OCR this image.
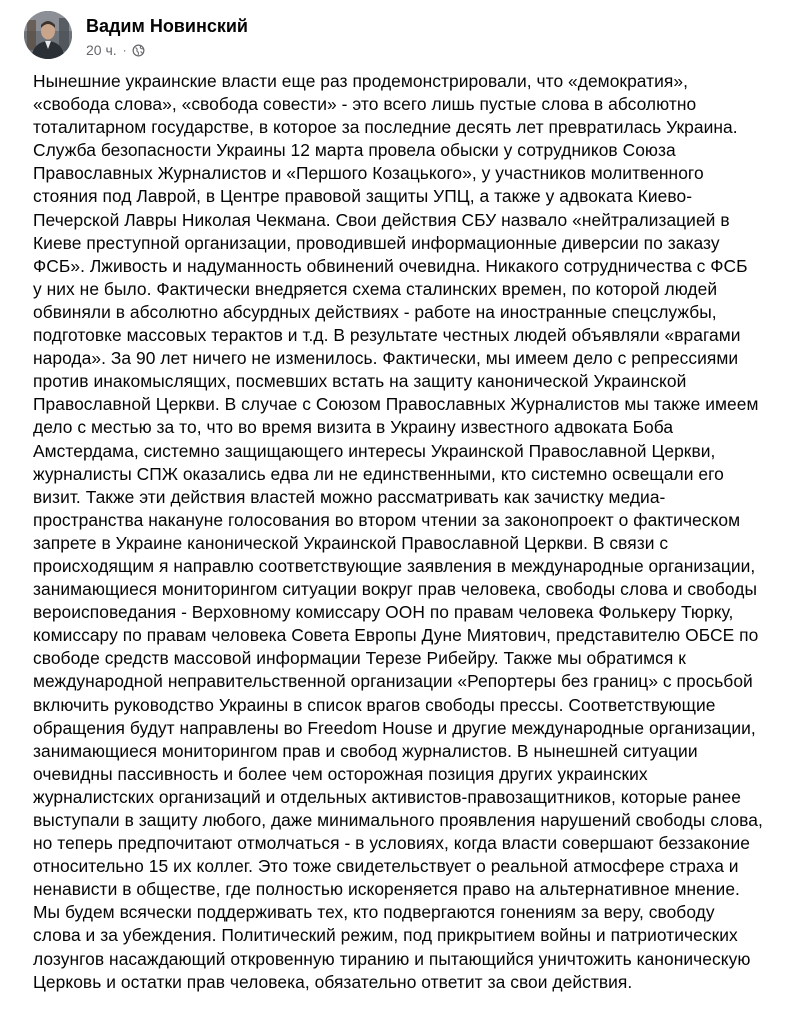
Вадим Новинский
20 ч. ·

Нынешние украинские власти еще раз продемонстрировали, что «демократия»,
«свобода слова», «свобода совести» - это всего лишь пустые слова в абсолютно
тоталитарном государстве, в которое за последние десять лет превратилась Украина.
Служба безопасности Украины 12 марта провела обыски у сотрудников Союза
Православных Журналистов и «Першого Козацького», у участников молитвенного
стояния под Лаврой, в Центре правовой защиты УПЦ, а также у адвоката Киево-
Печерской Лавры Николая Чекмана. Свои действия СБУ назвало «нейтрализацией в
Киеве преступной организации, проводившей информационные диверсии по заказу
ФСБ». Лживость и надуманность обвинений очевидна. Никакого сотрудничества с ФСБ
у них не было. Фактически внедряется схема сталинских времен, по которой людей
обвиняли в абсолютно абсурдных действиях - работе на иностранные спецслужбы,
подготовке массовых терактов и т.д. В результате честных людей объявляли «врагами
народа». За 90 лет ничего не изменилось. Фактически, мы имеем дело с репрессиями
против инакомыслящих, посмевших встать на защиту канонической Украинской
Православной Церкви. В случае с Союзом Православных Журналистов мы также имеем
дело с местью за то, что во время визита в Украину известного адвоката Боба
Амстердама, системно защищающего интересы Украинской Православной Церкви,
журналисты СПЖ оказались едва ли не единственными, кто системно освещали его
визит. Также эти действия властей можно рассматривать как зачистку медиа-
пространства накануне голосования во втором чтении за законопроект о фактическом
запрете в Украине канонической Украинской Православной Церкви. В связи с
происходящим я направлю соответствующие заявления в международные организации,
занимающиеся мониторингом ситуации вокруг прав человека, свободы слова и свободы
вероисповедания - Верховному комиссару ООН по правам человека Фолькеру Тюрку,
комиссару по правам человека Совета Европы Дуне Миятович, представителю ОБСЕ по
свободе средств массовой информации Терезе Рибейру. Также мы обратимся к
международной неправительственной организации «Репортеры без границ» с просьбой
включить руководство Украины в список врагов свободы прессы. Соответствующие
обращения будут направлены во Freedom House и другие международные организации,
занимающиеся мониторингом прав и свобод журналистов. В нынешней ситуации
очевидны пассивность и более чем осторожная позиция других украинских
журналистских организаций и отдельных активистов-правозащитников, которые ранее
выступали в защиту любого, даже минимального проявления нарушений свободы слова,
но теперь предпочитают отмолчаться - в условиях, когда власти совершают беззаконие
относительно 15 их коллег. Это тоже свидетельствует о реальной атмосфере страха и
ненависти в обществе, где полностью искореняется право на альтернативное мнение.
Мы будем всячески поддерживать тех, кто подвергаются гонениям за веру, свободу
слова и за убеждения. Политический режим, под прикрытием войны и патриотических
лозунгов насаждающий откровенную тиранию и пытающийся уничтожить каноническую
Церковь и остатки прав человека, обязательно ответит за свои действия.
